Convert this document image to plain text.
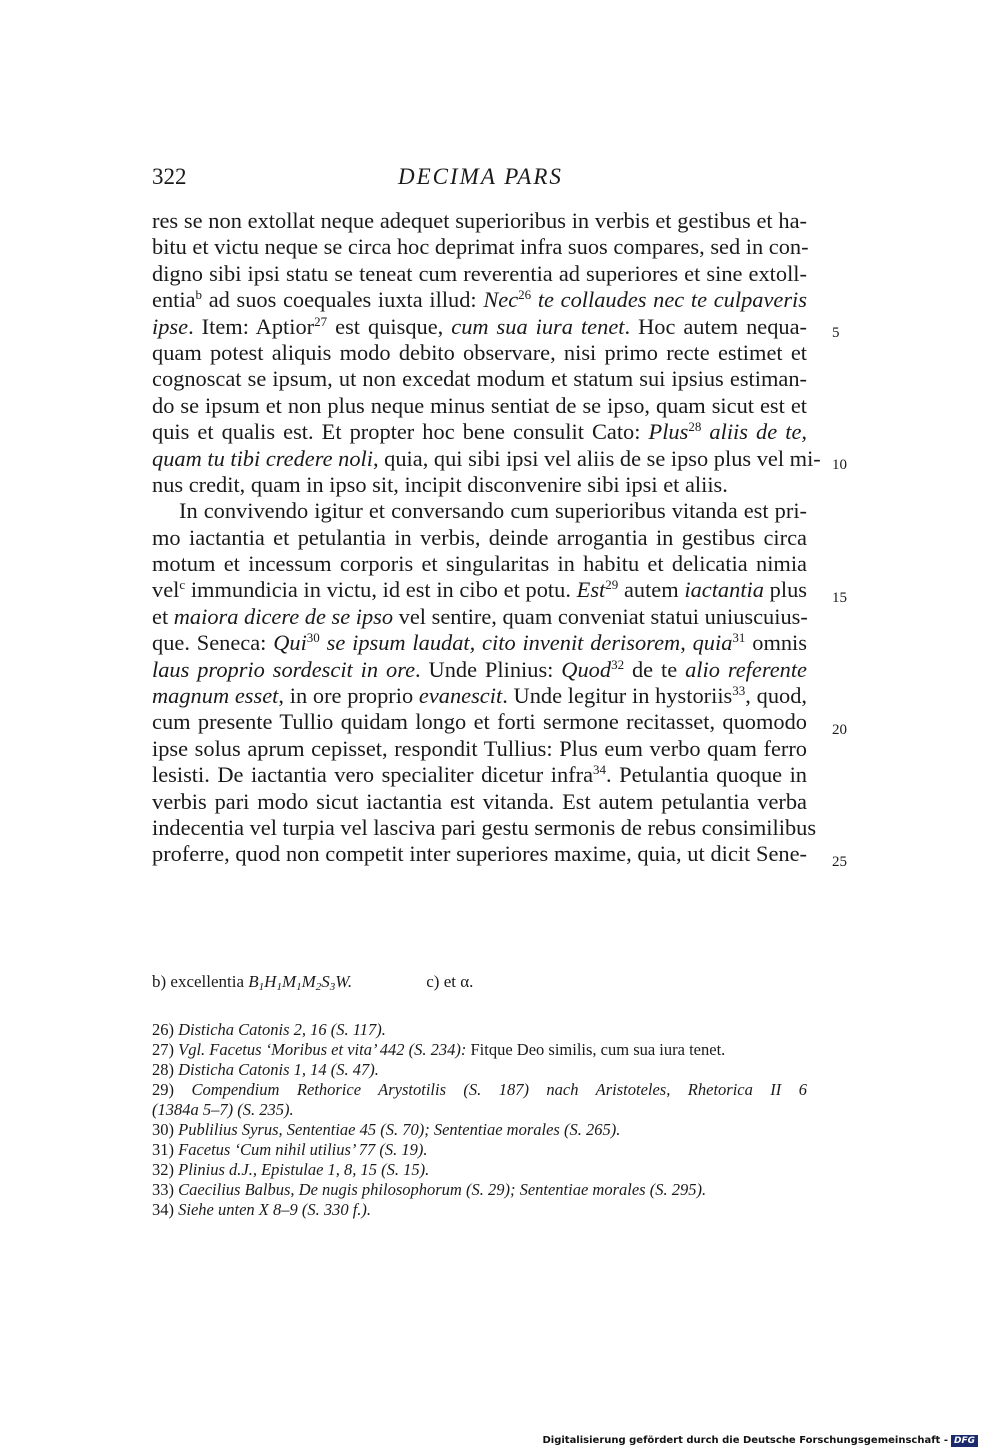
322	DECIMA PARS
res se non extollat neque adequet superioribus in verbis et gestibus et ha-
bitu et victu neque se circa hoc deprimat infra suos compares, sed in con-
digno sibi ipsi statu se teneat cum reverentia ad superiores et sine extoll-
entia$^b$ ad suos coequales iuxta illud: Nec$^{26}$ te collaudes nec te culpaveris
ipse. Item: Aptior$^{27}$ est quisque, cum sua iura tenet. Hoc autem nequa-
quam potest aliquis modo debito observare, nisi primo recte estimet et
cognoscat se ipsum, ut non excedat modum et statum sui ipsius estiman-
do se ipsum et non plus neque minus sentiat de se ipso, quam sicut est et
quis et qualis est. Et propter hoc bene consulit Cato: Plus$^{28}$ aliis de te,
quam tu tibi credere noli, quia, qui sibi ipsi vel aliis de se ipso plus vel mi-
nus credit, quam in ipso sit, incipit disconvenire sibi ipsi et aliis.
In convivendo igitur et conversando cum superioribus vitanda est pri-
mo iactantia et petulantia in verbis, deinde arrogantia in gestibus circa
motum et incessum corporis et singularitas in habitu et delicatia nimia
vel$^c$ immundicia in victu, id est in cibo et potu. Est$^{29}$ autem iactantia plus
et maiora dicere de se ipso vel sentire, quam conveniat statui uniuscuius-
que. Seneca: Qui$^{30}$ se ipsum laudat, cito invenit derisorem, quia$^{31}$ omnis
laus proprio sordescit in ore. Unde Plinius: Quod$^{32}$ de te alio referente
magnum esset, in ore proprio evanescit. Unde legitur in hystoriis$^{33}$, quod,
cum presente Tullio quidam longo et forti sermone recitasset, quomodo
ipse solus aprum cepisset, respondit Tullius: Plus eum verbo quam ferro
lesisti. De iactantia vero specialiter dicetur infra$^{34}$. Petulantia quoque in
verbis pari modo sicut iactantia est vitanda. Est autem petulantia verba
indecentia vel turpia vel lasciva pari gestu sermonis de rebus consimilibus
proferre, quod non competit inter superiores maxime, quia, ut dicit Sene-
5
10
15
20
25
b) excellentia $B_1H_1M_1M_2S_3W$.	c) et α.
26) Disticha Catonis 2, 16 (S. 117).
27) Vgl. Facetus ‘Moribus et vita’ 442 (S. 234): Fitque Deo similis, cum sua iura tenet.
28) Disticha Catonis 1, 14 (S. 47).
29) Compendium Rethorice Arystotilis (S. 187) nach Aristoteles, Rhetorica II 6
(1384a 5–7) (S. 235).
30) Publilius Syrus, Sententiae 45 (S. 70); Sententiae morales (S. 265).
31) Facetus ‘Cum nihil utilius’ 77 (S. 19).
32) Plinius d.J., Epistulae 1, 8, 15 (S. 15).
33) Caecilius Balbus, De nugis philosophorum (S. 29); Sententiae morales (S. 295).
34) Siehe unten X 8–9 (S. 330 f.).
Digitalisierung gefördert durch die Deutsche Forschungsgemeinschaft - DFG
